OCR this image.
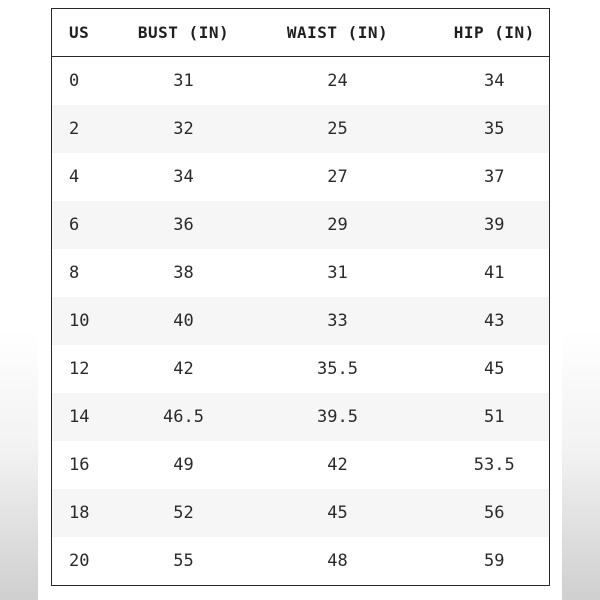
US	BUST (IN)	WAIST (IN)	HIP (IN)
0	31	24	34
2	32	25	35
4	34	27	37
6	36	29	39
8	38	31	41
10	40	33	43
12	42	35.5	45
14	46.5	39.5	51
16	49	42	53.5
18	52	45	56
20	55	48	59
